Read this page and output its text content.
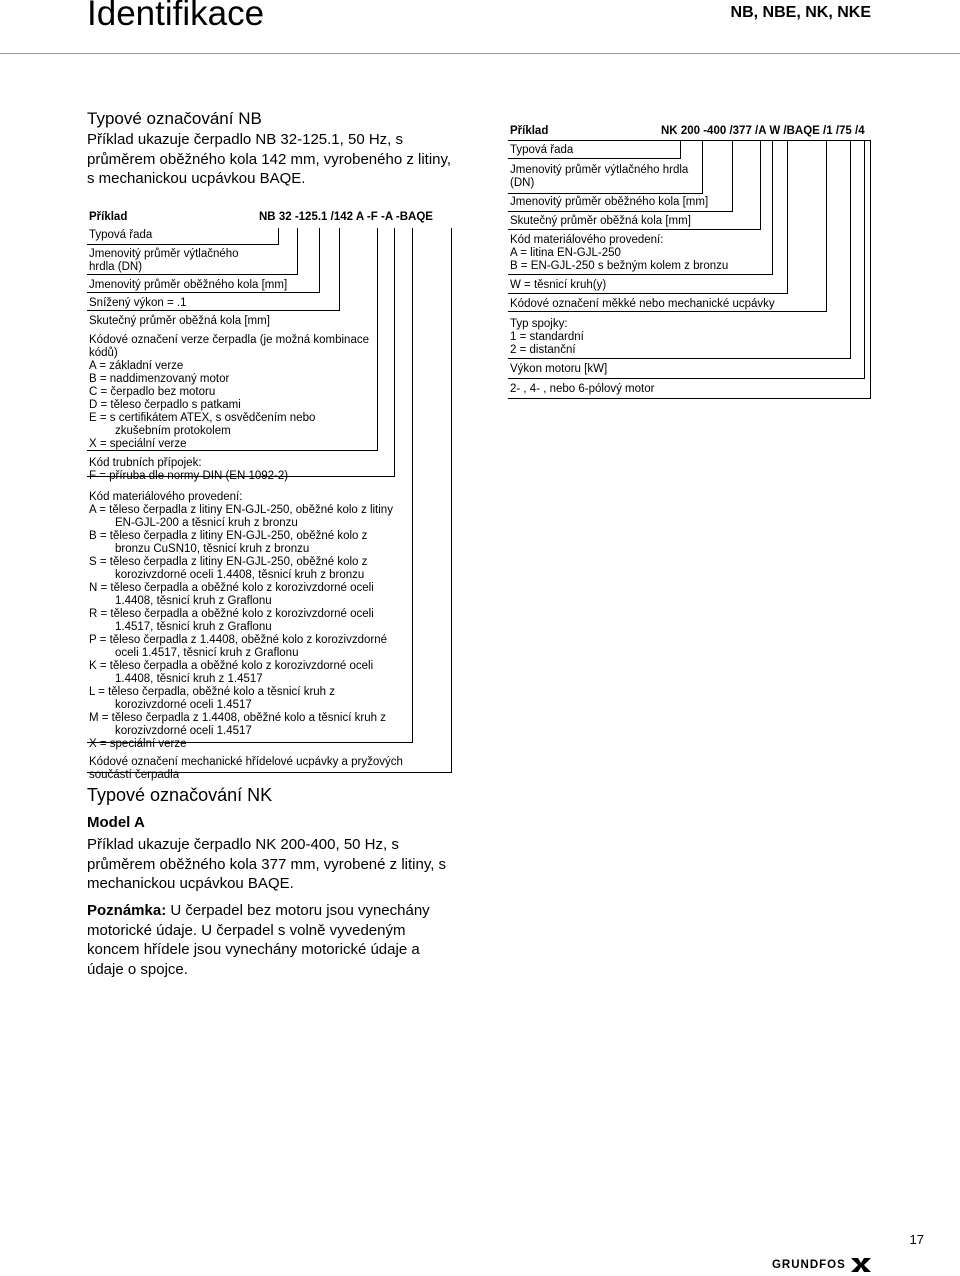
Identifikace	NB, NBE, NK, NKE
Typové označování NB
Příklad ukazuje čerpadlo NB 32-125.1, 50 Hz, s
průměrem oběžného kola 142 mm, vyrobeného z litiny,
s mechanickou ucpávkou BAQE.
Příklad	NB 32 -125.1 /142 A -F -A -BAQE
Typová řada
Jmenovitý průměr výtlačného
hrdla (DN)
Jmenovitý průměr oběžného kola [mm]
Snížený výkon = .1
Skutečný průměr oběžná kola [mm]
Kódové označení verze čerpadla (je možná kombinace
kódů)
A = základní verze
B = naddimenzovaný motor
C = čerpadlo bez motoru
D = těleso čerpadlo s patkami
E = s certifikátem ATEX, s osvědčením nebo
zkušebním protokolem
X = speciální verze
Kód trubních přípojek:
F = příruba dle normy DIN (EN 1092-2)
Kód materiálového provedení:
A = těleso čerpadla z litiny EN-GJL-250, oběžné kolo z litiny
EN-GJL-200 a těsnicí kruh z bronzu
B = těleso čerpadla z litiny EN-GJL-250, oběžné kolo z
bronzu CuSN10, těsnicí kruh z bronzu
S = těleso čerpadla z litiny EN-GJL-250, oběžné kolo z
korozivzdorné oceli 1.4408, těsnicí kruh z bronzu
N = těleso čerpadla a oběžné kolo z korozivzdorné oceli
1.4408, těsnicí kruh z Graflonu
R = těleso čerpadla a oběžné kolo z korozivzdorné oceli
1.4517, těsnicí kruh z Graflonu
P = těleso čerpadla z 1.4408, oběžné kolo z korozivzdorné
oceli 1.4517, těsnicí kruh z Graflonu
K = těleso čerpadla a oběžné kolo z korozivzdorné oceli
1.4408, těsnicí kruh z 1.4517
L = těleso čerpadla, oběžné kolo a těsnicí kruh z
korozivzdorné oceli 1.4517
M = těleso čerpadla z 1.4408, oběžné kolo a těsnicí kruh z
korozivzdorné oceli 1.4517
X = speciální verze
Kódové označení mechanické hřídelové ucpávky a pryžových
součástí čerpadla
Příklad	NK 200 -400 /377 /A W /BAQE /1 /75 /4
Typová řada
Jmenovitý průměr výtlačného hrdla
(DN)
Jmenovitý průměr oběžného kola [mm]
Skutečný průměr oběžná kola [mm]
Kód materiálového provedení:
A = litina EN-GJL-250
B = EN-GJL-250 s bežným kolem z bronzu
W = těsnicí kruh(y)
Kódové označení měkké nebo mechanické ucpávky
Typ spojky:
1 = standardní
2 = distanční
Výkon motoru [kW]
2- , 4- , nebo 6-pólový motor
Typové označování NK
Model A
Příklad ukazuje čerpadlo NK 200-400, 50 Hz, s
průměrem oběžného kola 377 mm, vyrobené z litiny, s
mechanickou ucpávkou BAQE.
Poznámka: U čerpadel bez motoru jsou vynechány
motorické údaje. U čerpadel s volně vyvedeným
koncem hřídele jsou vynechány motorické údaje a
údaje o spojce.
GRUNDFOS
17
